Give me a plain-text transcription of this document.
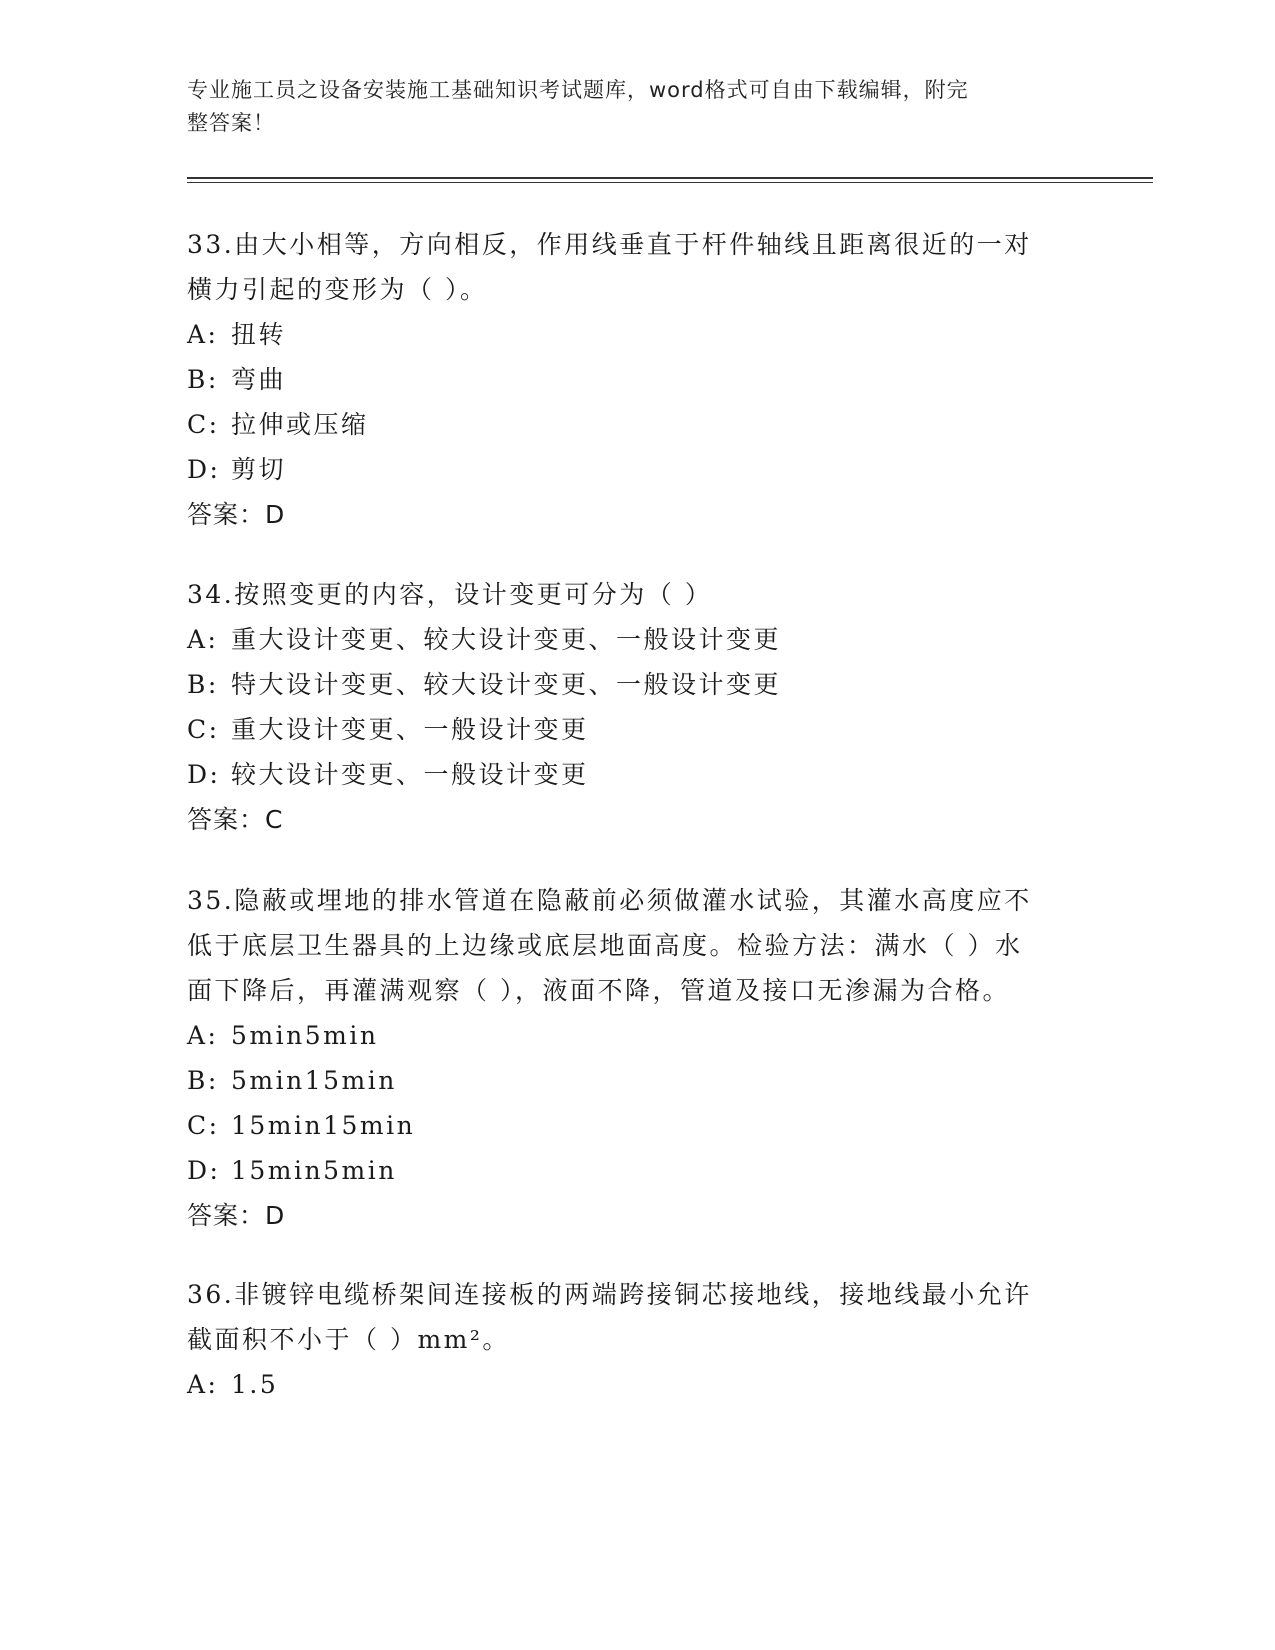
专业施工员之设备安装施工基础知识考试题库，word格式可自由下载编辑，附完
整答案！

33.由大小相等，方向相反，作用线垂直于杆件轴线且距离很近的一对

横力引起的变形为（ ）。

A: 扭转

B: 弯曲

C: 拉伸或压缩

D: 剪切

答案：D

34.按照变更的内容，设计变更可分为（ ）

A: 重大设计变更、较大设计变更、一般设计变更

B: 特大设计变更、较大设计变更、一般设计变更

C: 重大设计变更、一般设计变更

D: 较大设计变更、一般设计变更

答案：C

35.隐蔽或埋地的排水管道在隐蔽前必须做灌水试验，其灌水高度应不

低于底层卫生器具的上边缘或底层地面高度。检验方法：满水（ ）水

面下降后，再灌满观察（ ），液面不降，管道及接口无渗漏为合格。

A: 5min5min

B: 5min15min

C: 15min15min

D: 15min5min

答案：D

36.非镀锌电缆桥架间连接板的两端跨接铜芯接地线，接地线最小允许

截面积不小于（ ）mm²。

A: 1.5
